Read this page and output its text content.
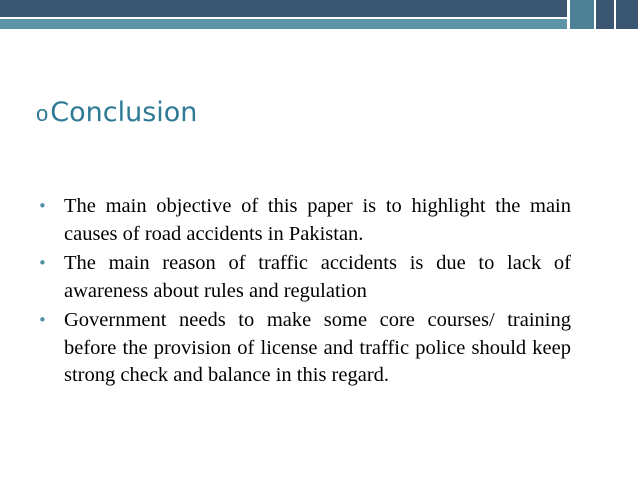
o Conclusion
• The main objective of this paper is to highlight the main causes of road accidents in Pakistan.
• The main reason of traffic accidents is due to lack of awareness about rules and regulation
• Government needs to make some core courses/ training before the provision of license and traffic police should keep strong check and balance in this regard.
